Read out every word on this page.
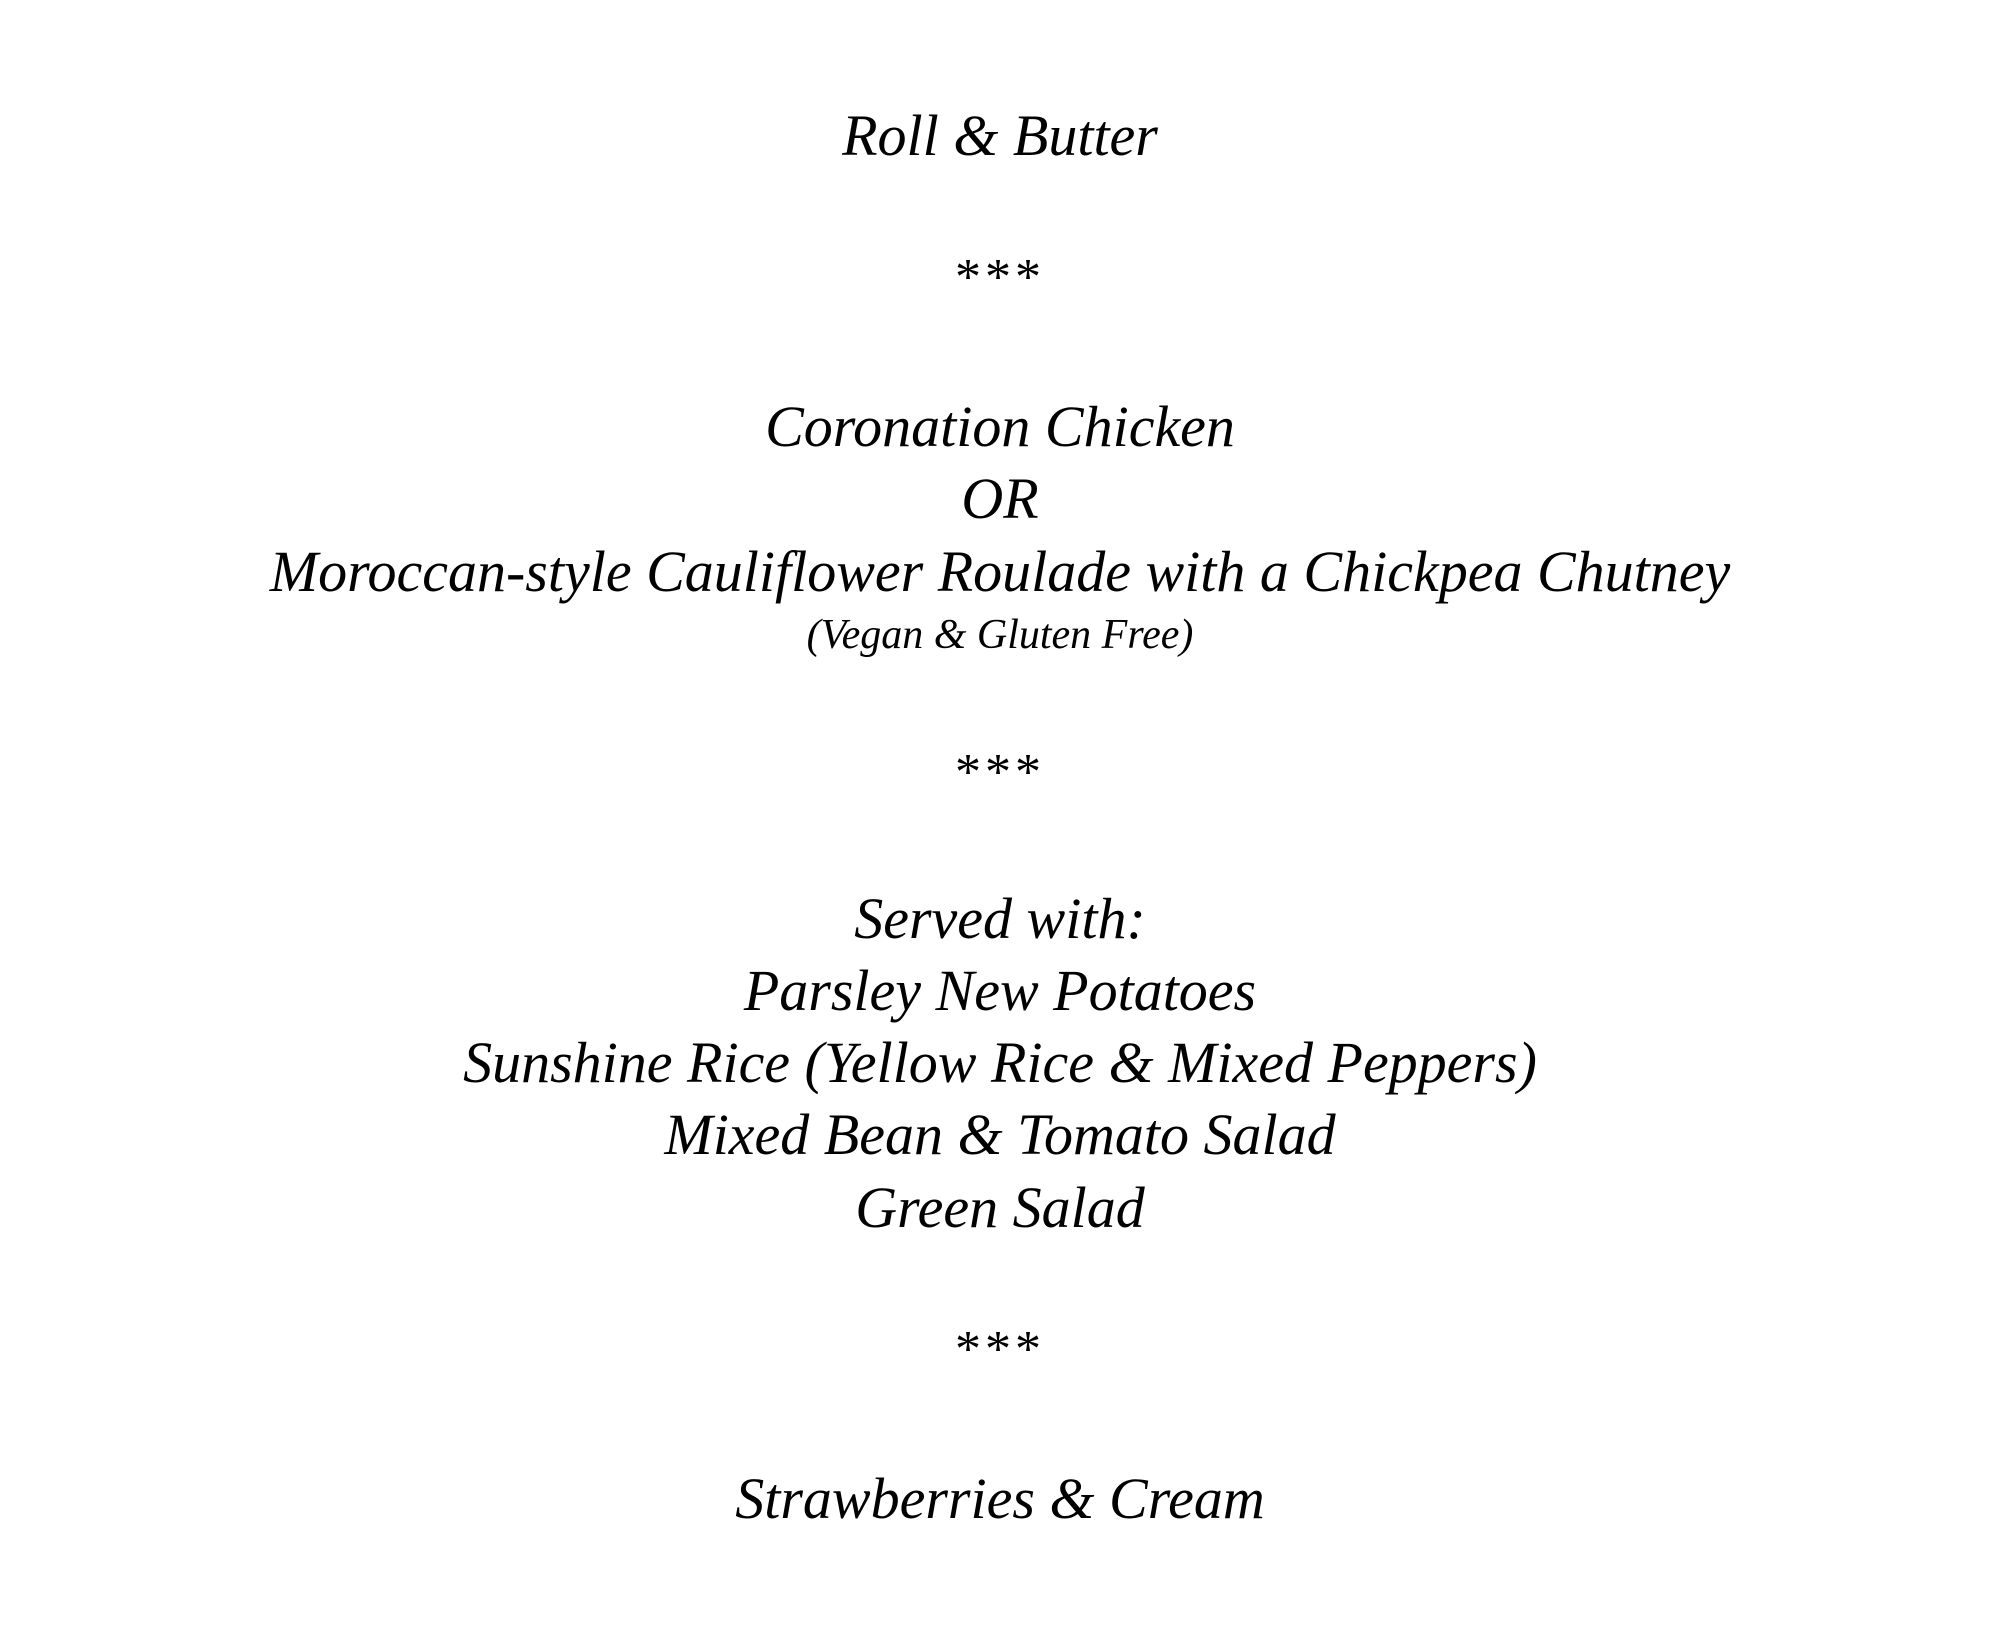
Roll & Butter
***
Coronation Chicken
OR
Moroccan-style Cauliflower Roulade with a Chickpea Chutney
(Vegan & Gluten Free)
***
Served with:
Parsley New Potatoes
Sunshine Rice (Yellow Rice & Mixed Peppers)
Mixed Bean & Tomato Salad
Green Salad
***
Strawberries & Cream
